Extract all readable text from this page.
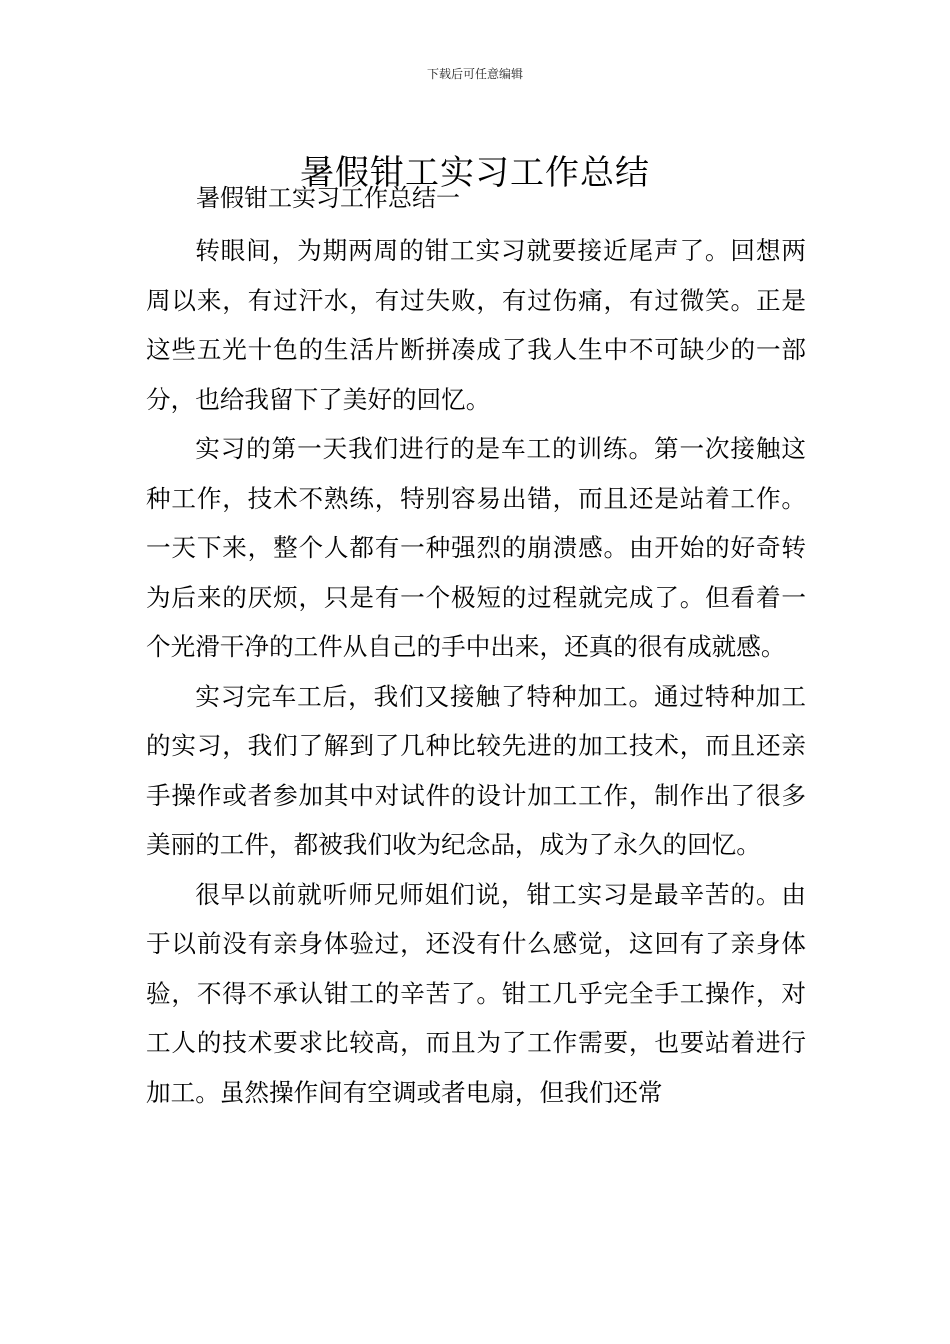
下载后可任意编辑
暑假钳工实习工作总结
暑假钳工实习工作总结一

转眼间，为期两周的钳工实习就要接近尾声了。回想两周以来，有过汗水，有过失败，有过伤痛，有过微笑。正是这些五光十色的生活片断拼凑成了我人生中不可缺少的一部分，也给我留下了美好的回忆。

实习的第一天我们进行的是车工的训练。第一次接触这种工作，技术不熟练，特别容易出错，而且还是站着工作。一天下来，整个人都有一种强烈的崩溃感。由开始的好奇转为后来的厌烦，只是有一个极短的过程就完成了。但看着一个光滑干净的工件从自己的手中出来，还真的很有成就感。

实习完车工后，我们又接触了特种加工。通过特种加工的实习，我们了解到了几种比较先进的加工技术，而且还亲手操作或者参加其中对试件的设计加工工作，制作出了很多美丽的工件，都被我们收为纪念品，成为了永久的回忆。

很早以前就听师兄师姐们说，钳工实习是最辛苦的。由于以前没有亲身体验过，还没有什么感觉，这回有了亲身体验，不得不承认钳工的辛苦了。钳工几乎完全手工操作，对工人的技术要求比较高，而且为了工作需要，也要站着进行加工。虽然操作间有空调或者电扇，但我们还常
